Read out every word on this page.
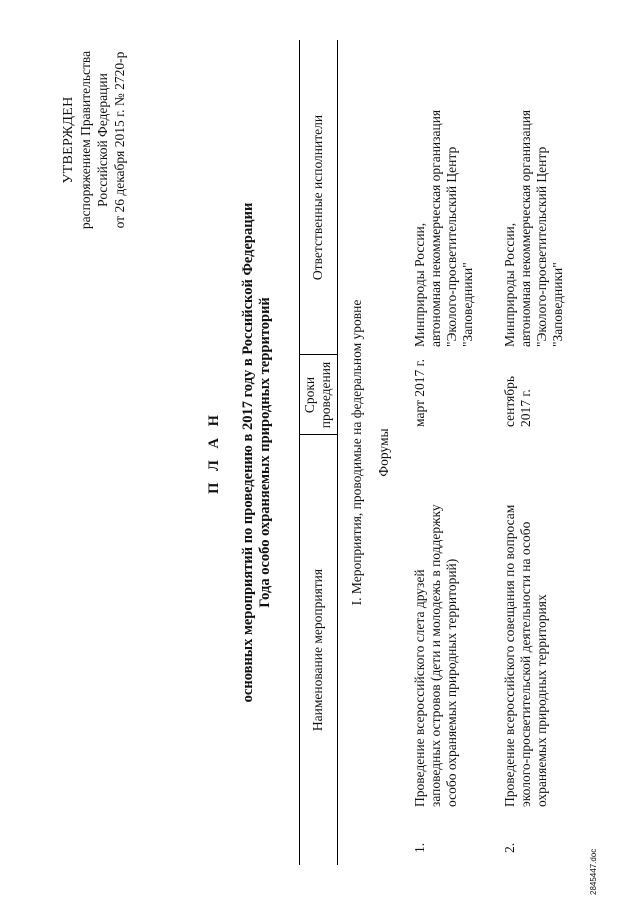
УТВЕРЖДЕН распоряжением Правительства Российской Федерации от 26 декабря 2015 г. № 2720-р
П Л А Н основных мероприятий по проведению в 2017 году в Российской Федерации Года особо охраняемых природных территорий
Наименование мероприятия
Сроки проведения
Ответственные исполнители
I. Мероприятия, проводимые на федеральном уровне Форумы
1.
Проведение всероссийского слета друзей заповедных островов (дети и молодежь в поддержку особо охраняемых природных территорий)
март 2017 г.
Минприроды России, автономная некоммерческая организация "Эколого-просветительский Центр "Заповедники"
2.
Проведение всероссийского совещания по вопросам эколого-просветительской деятельности на особо охраняемых природных территориях
сентябрь 2017 г.
Минприроды России, автономная некоммерческая организация "Эколого-просветительский Центр "Заповедники"
2845447.doc
